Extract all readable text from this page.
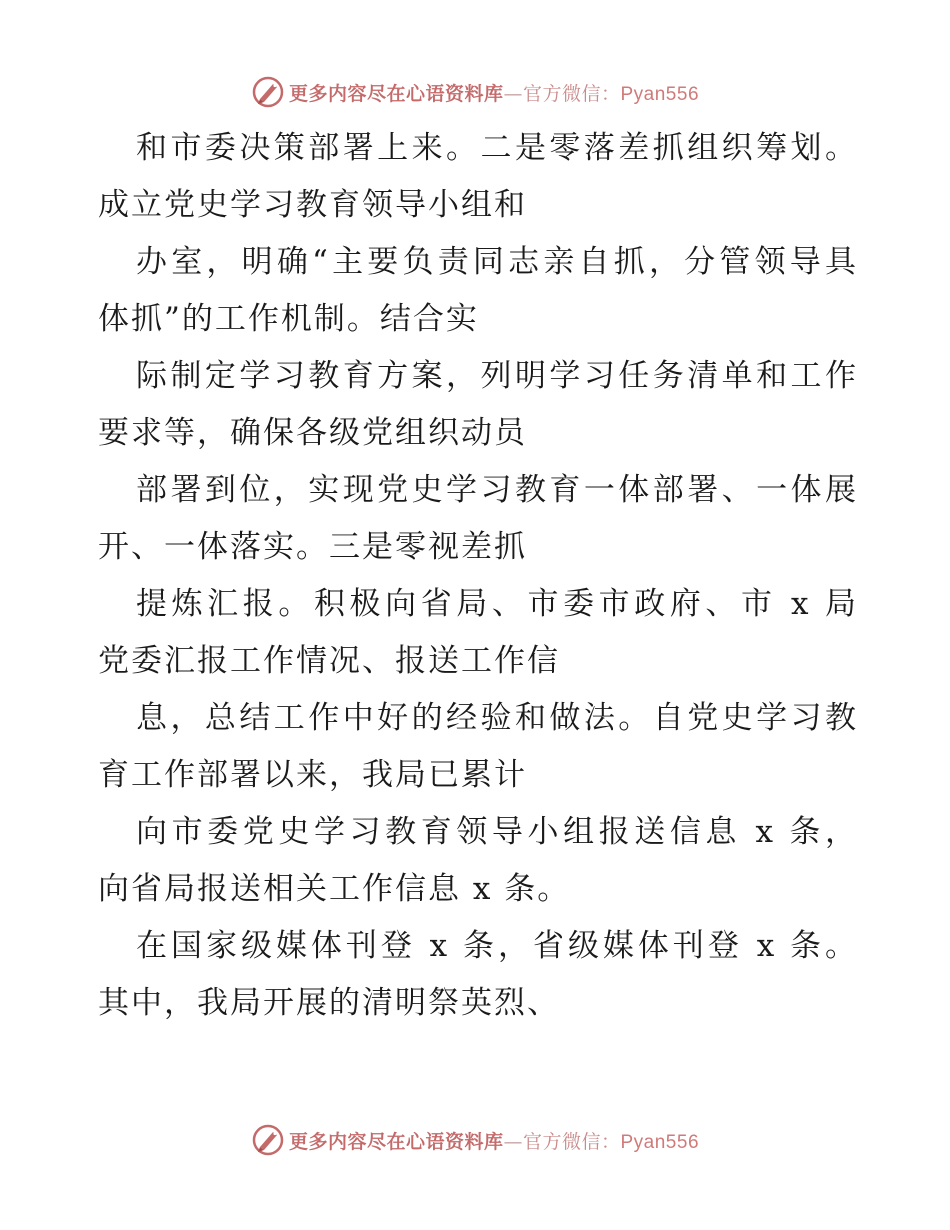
更多内容尽在心语资料库—官方微信：Pyan556
和市委决策部署上来。二是零落差抓组织筹划。
成立党史学习教育领导小组和
办室，明确“主要负责同志亲自抓，分管领导具
体抓”的工作机制。结合实
际制定学习教育方案，列明学习任务清单和工作
要求等，确保各级党组织动员
部署到位，实现党史学习教育一体部署、一体展
开、一体落实。三是零视差抓
提炼汇报。积极向省局、市委市政府、市 x 局
党委汇报工作情况、报送工作信
息，总结工作中好的经验和做法。自党史学习教
育工作部署以来，我局已累计
向市委党史学习教育领导小组报送信息 x 条，
向省局报送相关工作信息 x 条。
在国家级媒体刊登 x 条，省级媒体刊登 x 条。
其中，我局开展的清明祭英烈、
更多内容尽在心语资料库—官方微信：Pyan556
